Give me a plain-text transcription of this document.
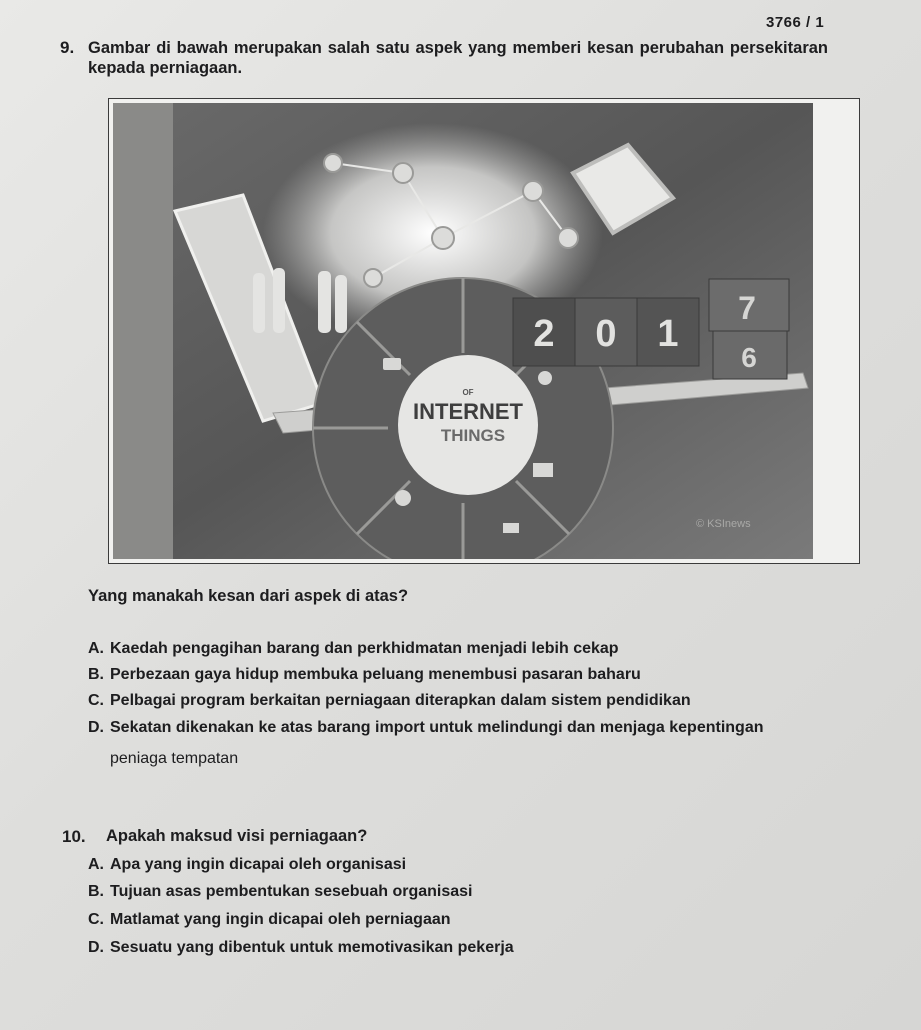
3766 / 1
9. Gambar di bawah merupakan salah satu aspek yang memberi kesan perubahan persekitaran kepada perniagaan.
OF
INTERNET
THINGS
2 0 1
7
6
© KSInews
Yang manakah kesan dari aspek di atas?
A. Kaedah pengagihan barang dan perkhidmatan menjadi lebih cekap
B. Perbezaan gaya hidup membuka peluang menembusi pasaran baharu
C. Pelbagai program berkaitan perniagaan diterapkan dalam sistem pendidikan
D. Sekatan dikenakan ke atas barang import untuk melindungi dan menjaga kepentingan
peniaga tempatan
10. Apakah maksud visi perniagaan?
A. Apa yang ingin dicapai oleh organisasi
B. Tujuan asas pembentukan sesebuah organisasi
C. Matlamat yang ingin dicapai oleh perniagaan
D. Sesuatu yang dibentuk untuk memotivasikan pekerja
